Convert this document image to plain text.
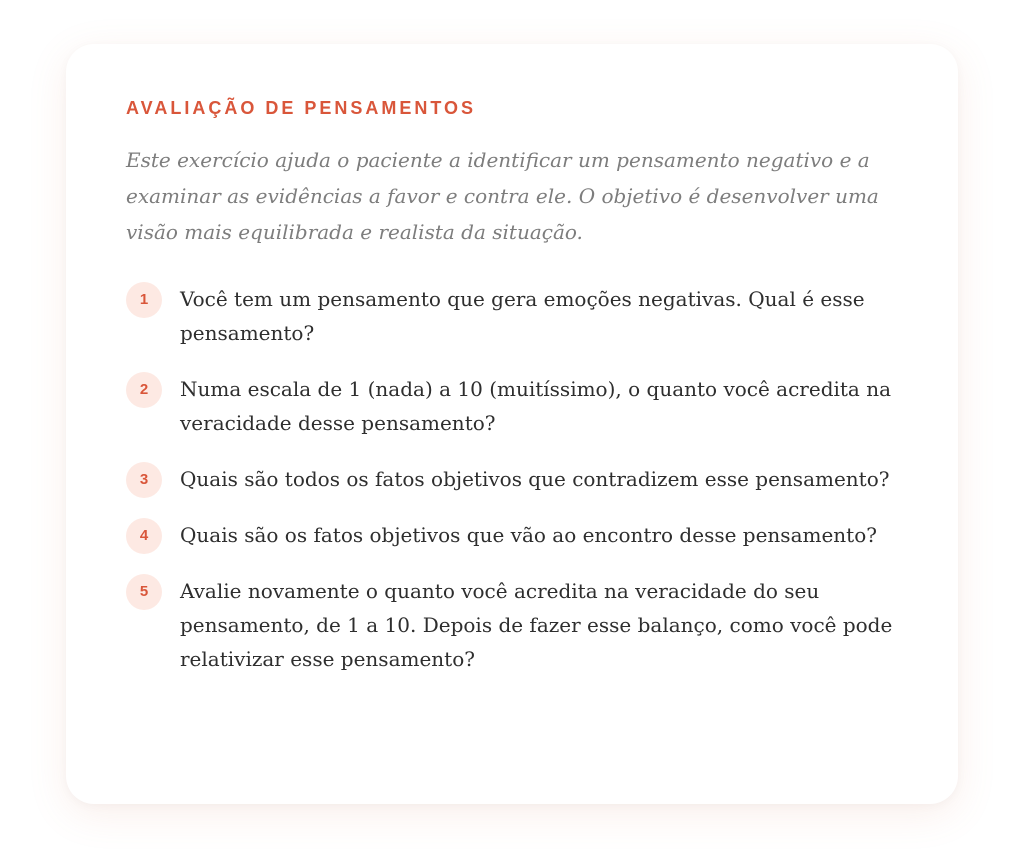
AVALIAÇÃO DE PENSAMENTOS

Este exercício ajuda o paciente a identificar um pensamento negativo e a examinar as evidências a favor e contra ele. O objetivo é desenvolver uma visão mais equilibrada e realista da situação.

1	Você tem um pensamento que gera emoções negativas. Qual é esse pensamento?
2	Numa escala de 1 (nada) a 10 (muitíssimo), o quanto você acredita na veracidade desse pensamento?
3	Quais são todos os fatos objetivos que contradizem esse pensamento?
4	Quais são os fatos objetivos que vão ao encontro desse pensamento?
5	Avalie novamente o quanto você acredita na veracidade do seu pensamento, de 1 a 10. Depois de fazer esse balanço, como você pode relativizar esse pensamento?
